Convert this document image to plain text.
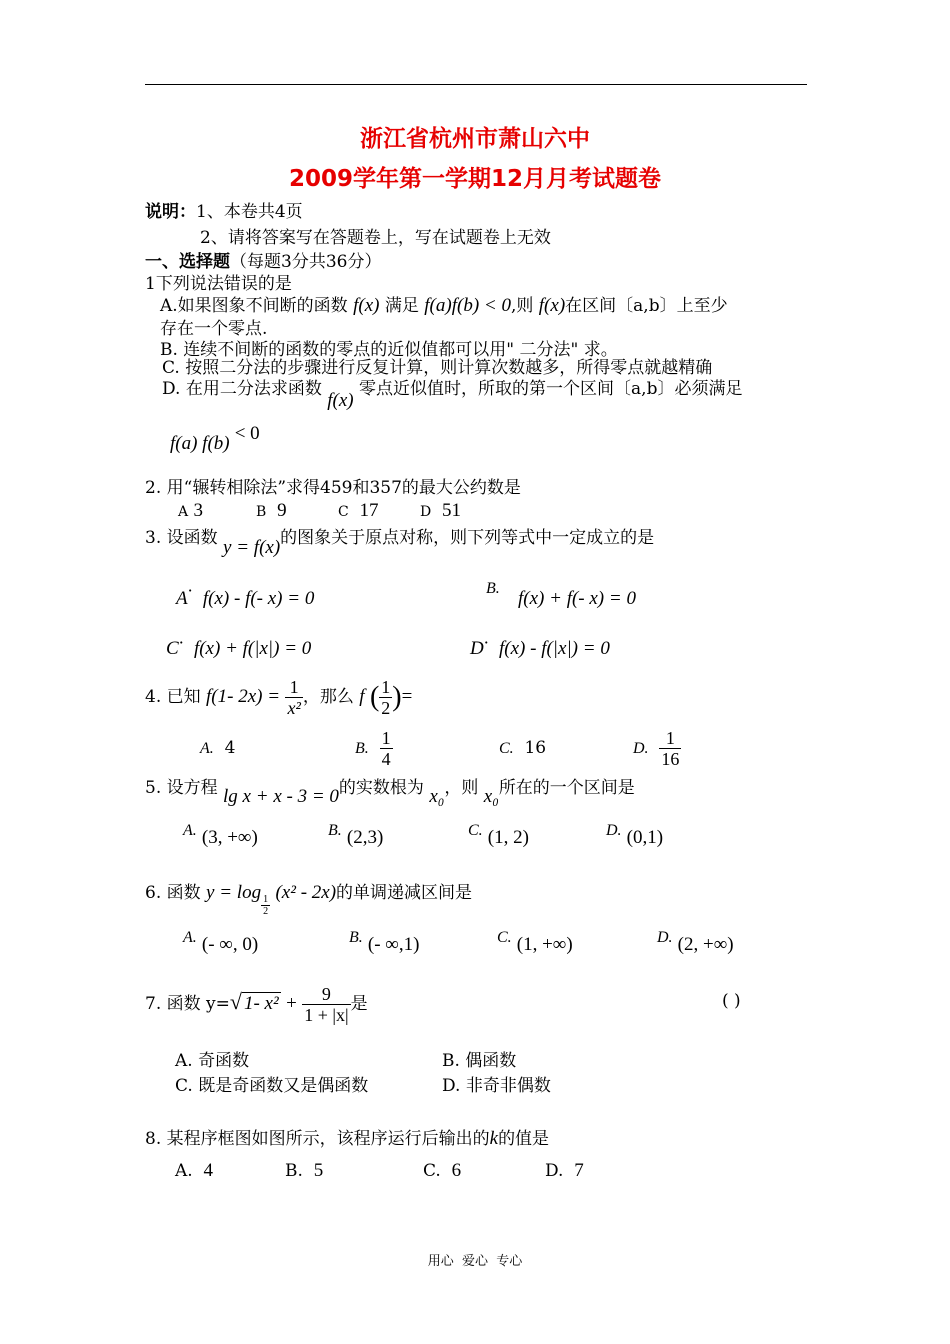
浙江省杭州市萧山六中
2009学年第一学期12月月考试题卷
说明：1、本卷共4页
2、请将答案写在答题卷上，写在试题卷上无效
一、选择题（每题3分共36分）
1下列说法错误的是
A.如果图象不间断的函数 f(x) 满足 f(a)f(b) < 0,则 f(x)在区间〔a,b〕上至少
存在一个零点.
B. 连续不间断的函数的零点的近似值都可以用" 二分法" 求。
C. 按照二分法的步骤进行反复计算，则计算次数越多，所得零点就越精确
D. 在用二分法求函数 f(x) 零点近似值时，所取的第一个区间〔a,b〕必须满足
f(a) f(b) < 0
2. 用“辗转相除法”求得459和357的最大公约数是
A 3	B 9	C 17	D 51
3. 设函数 y = f(x)的图象关于原点对称，则下列等式中一定成立的是
A· f(x) - f(- x) = 0	B. f(x) + f(- x) = 0
C· f(x) + f(|x|) = 0	D· f(x) - f(|x|) = 0
4. 已知 f(1- $2x) = \frac{1}{\text{x²}}$ ，那么 f ( $\frac{1}{2}$ )=
A. 4	B. $\frac{1}{4}$	C. 16	D. $\frac{1}{16}$
5. 设方程 lg x + x - 3 = 0的实数根为 x₀，则 x₀所在的一个区间是
A. (3, +∞)	B. (2,3)	C. (1, 2)	D. (0,1)
6. 函数 y = log
$\frac{1}{2}$
(x² - 2x)的单调递减区间是
A. (- ∞, 0)	B. (- ∞,1)	C. (1, +∞)	D. (2, +∞)
7. 函数 y=√ 1- $x^2 + \frac{9}{1 + |x|}$ 是	( )
A. 奇函数	B. 偶函数
C. 既是奇函数又是偶函数	D. 非奇非偶数
8. 某程序框图如图所示，该程序运行后输出的k的值是
A. 4	B. 5	C. 6	D. 7
用心  爱心  专心
